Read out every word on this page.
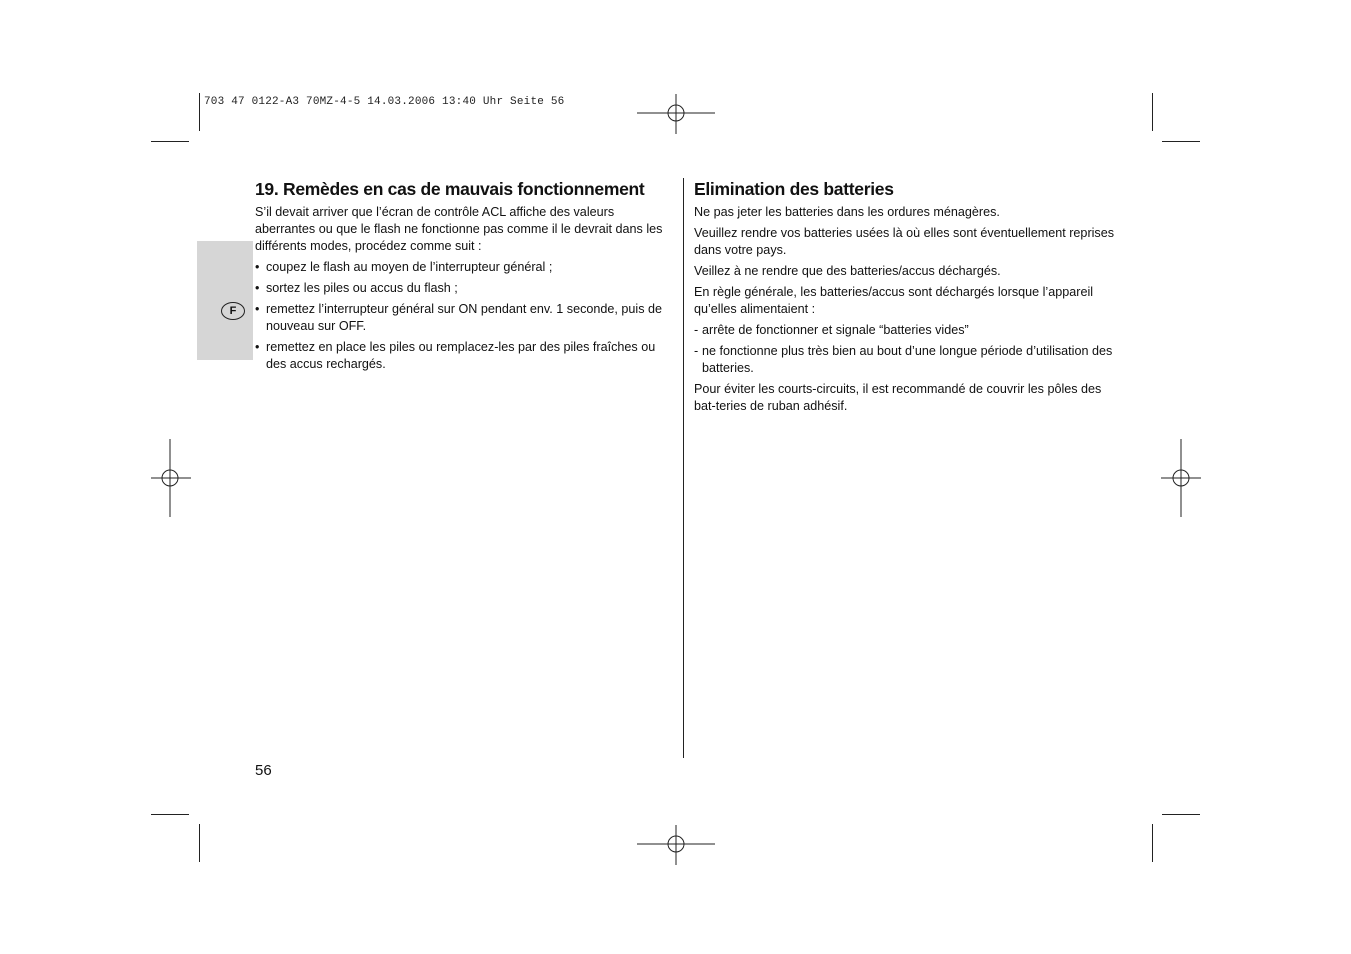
703 47 0122-A3 70MZ-4-5 14.03.2006 13:40 Uhr Seite 56
F
19. Remèdes en cas de mauvais fonctionnement

S’il devait arriver que l’écran de contrôle ACL affiche des valeurs aberrantes ou que le flash ne fonctionne pas comme il le devrait dans les différents modes, procédez comme suit :

• coupez le flash au moyen de l’interrupteur général ;
• sortez les piles ou accus du flash ;
• remettez l’interrupteur général sur ON pendant env. 1 seconde, puis de nouveau sur OFF.
• remettez en place les piles ou remplacez-les par des piles fraîches ou des accus rechargés.
Elimination des batteries

Ne pas jeter les batteries dans les ordures ménagères.

Veuillez rendre vos batteries usées là où elles sont éventuellement reprises dans votre pays.

Veillez à ne rendre que des batteries/accus déchargés.

En règle générale, les batteries/accus sont déchargés lorsque l’appareil qu’elles alimentaient :

- arrête de fonctionner et signale “batteries vides”
- ne fonctionne plus très bien au bout d’une longue période d’utilisation des batteries.

Pour éviter les courts-circuits, il est recommandé de couvrir les pôles des bat-teries de ruban adhésif.

56
